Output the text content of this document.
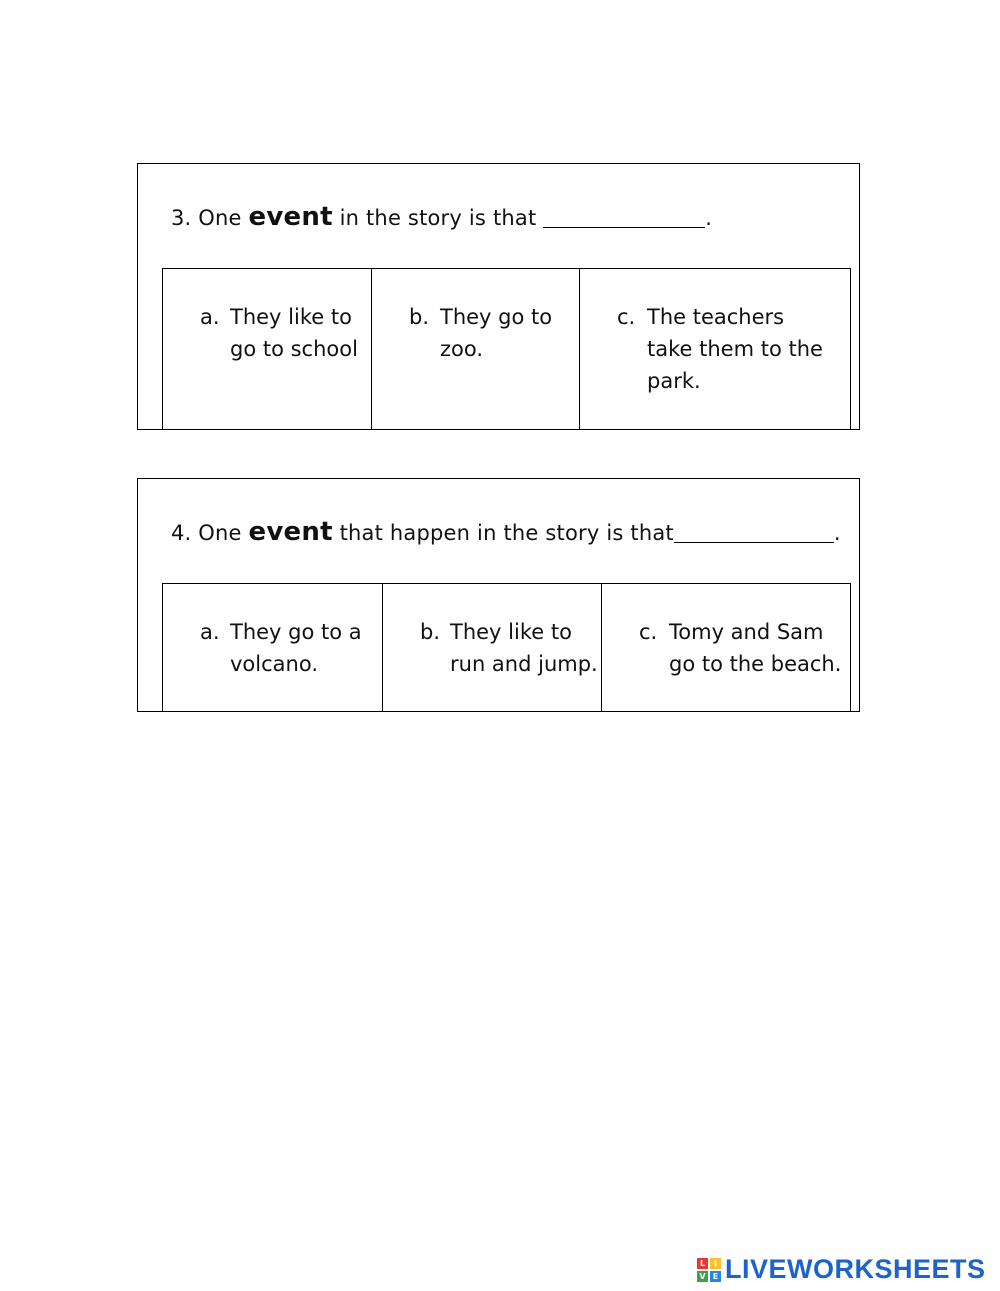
3. One event in the story is that	.
a. They like to
go to school
b. They go to
zoo.
c. The teachers
take them to the
park.
4. One event that happen in the story is that	.
a. They go to a
volcano.
b. They like to
run and jump.
c. Tomy and Sam
go to the beach.
L	I
V E LIVEWORKSHEETS
